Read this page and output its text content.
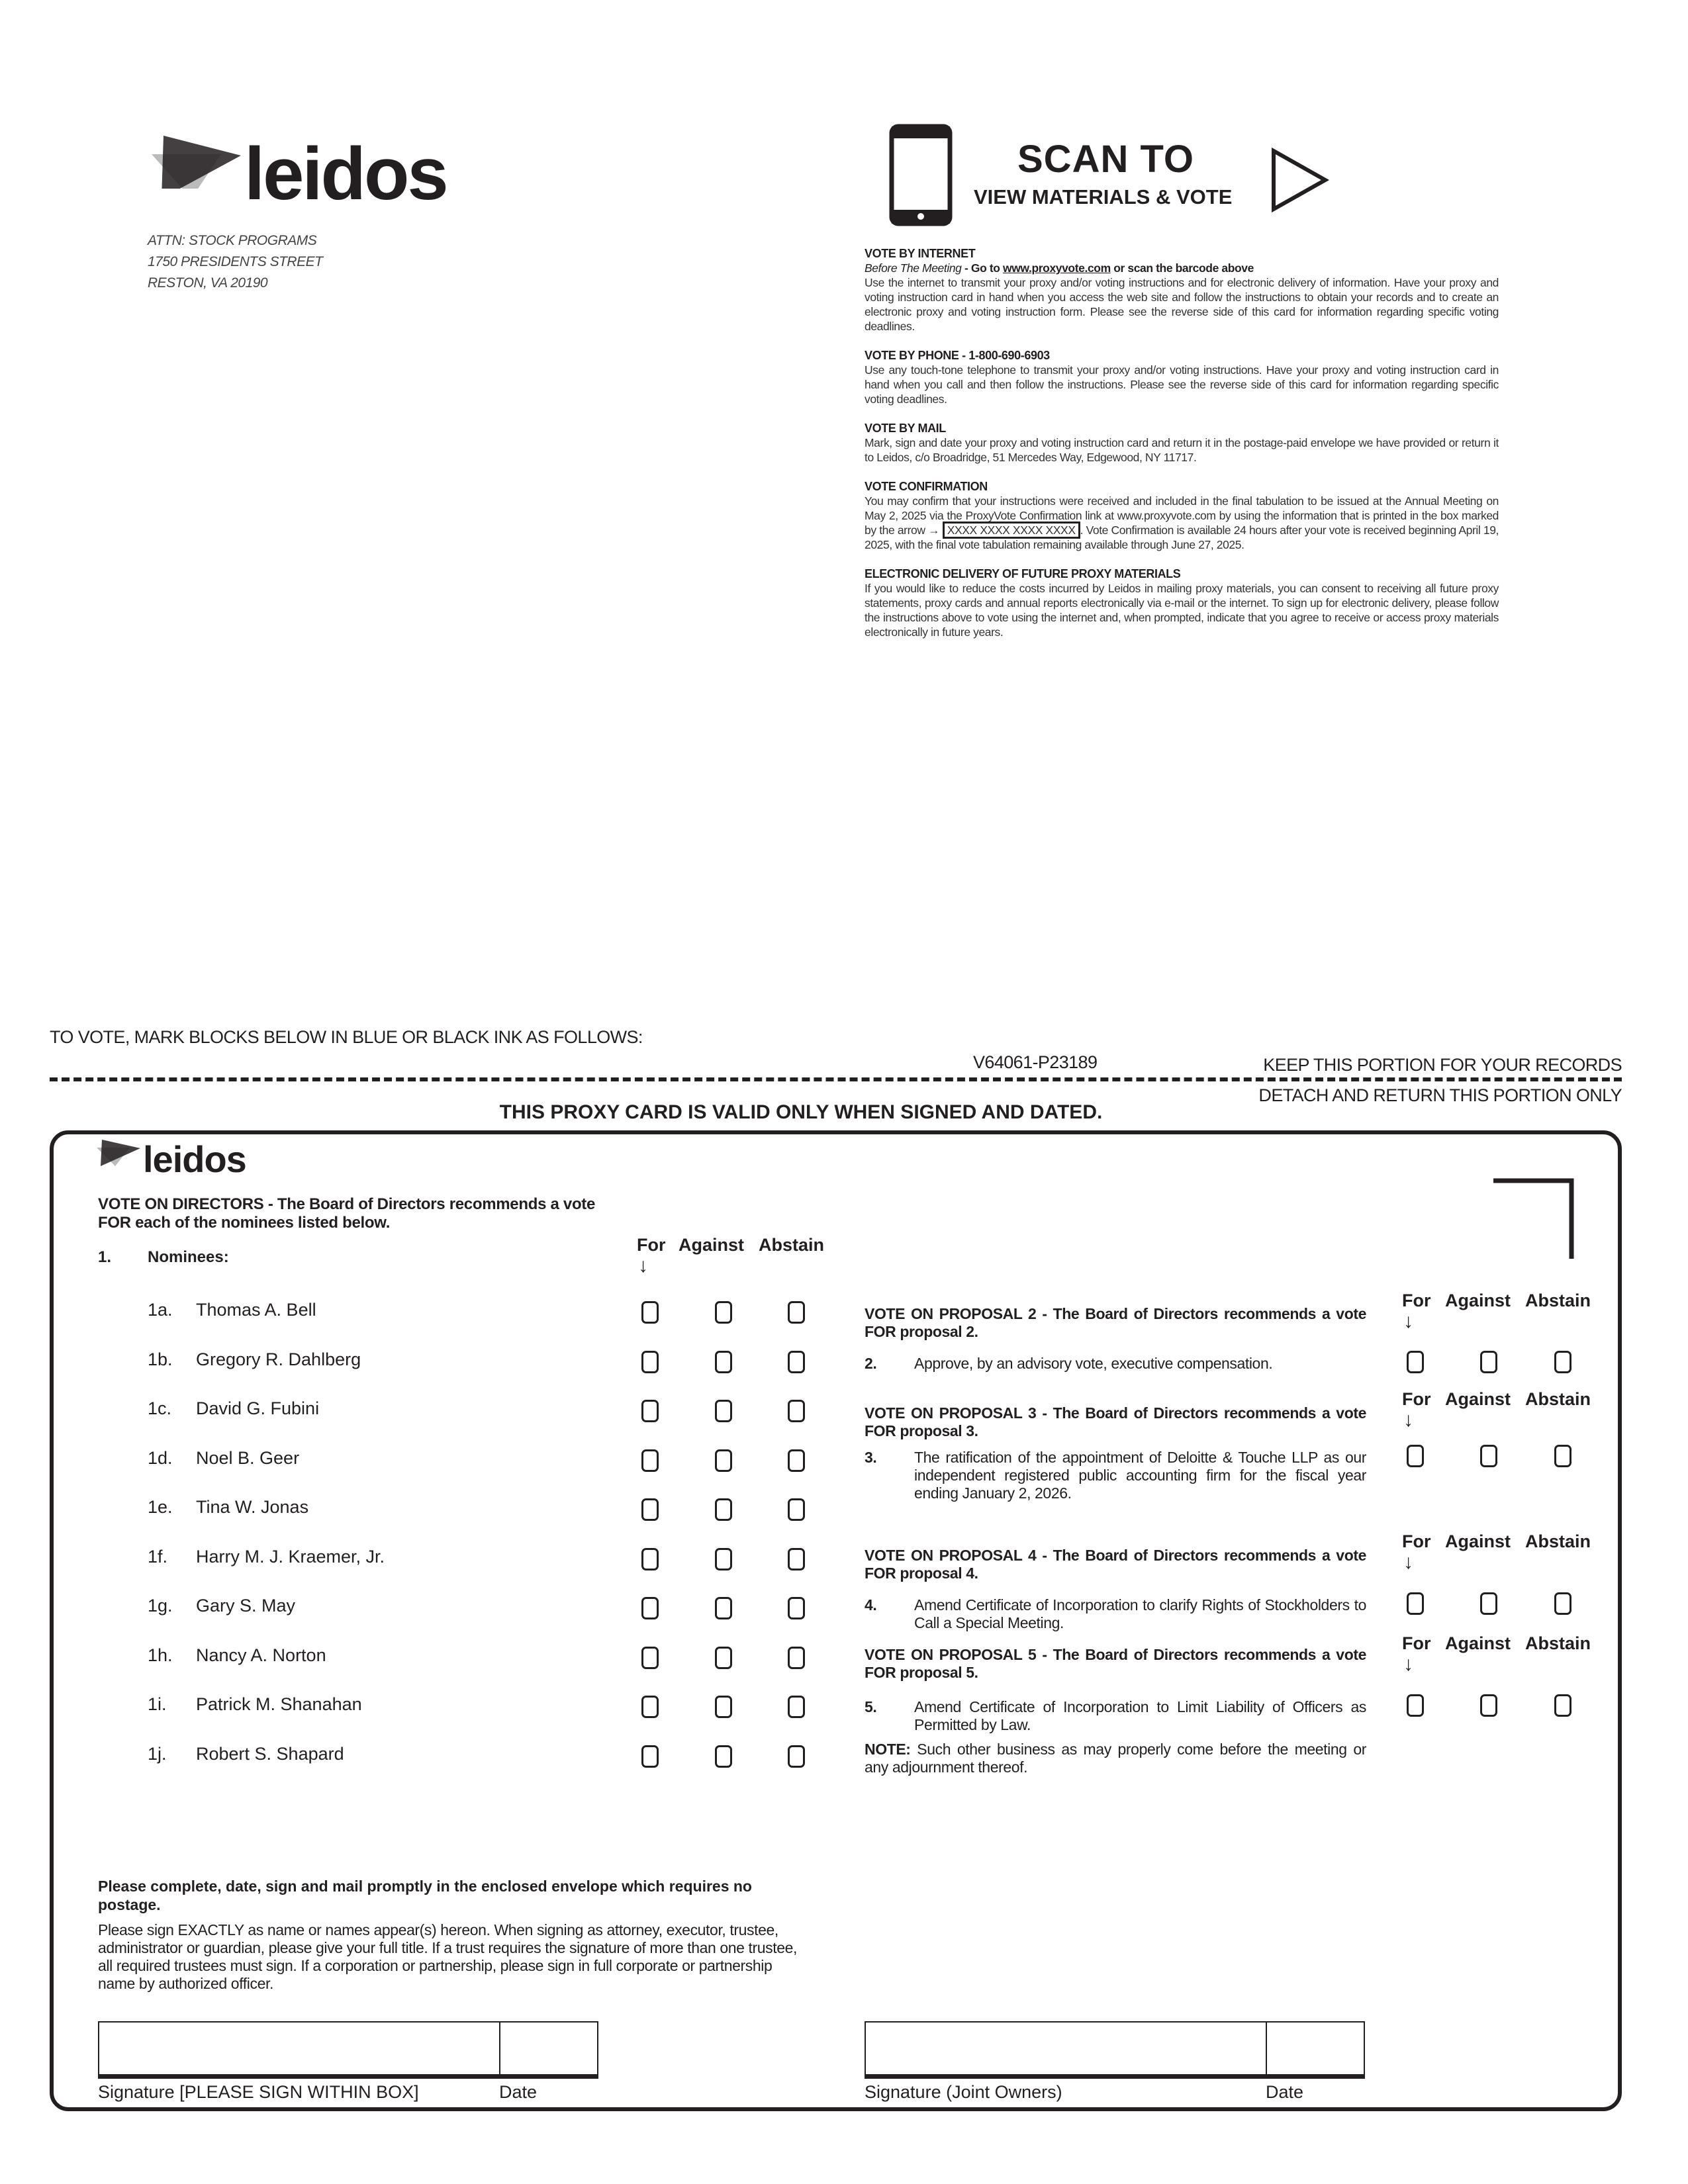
leidos
ATTN: STOCK PROGRAMS
1750 PRESIDENTS STREET
RESTON, VA 20190
SCAN TO
VIEW MATERIALS & VOTE
VOTE BY INTERNET
Before The Meeting - Go to www.proxyvote.com or scan the barcode above

Use the internet to transmit your proxy and/or voting instructions and for electronic delivery of information. Have your proxy and voting instruction card in hand when you access the web site and follow the instructions to obtain your records and to create an electronic proxy and voting instruction form. Please see the reverse side of this card for information regarding specific voting deadlines.

VOTE BY PHONE - 1-800-690-6903

Use any touch-tone telephone to transmit your proxy and/or voting instructions. Have your proxy and voting instruction card in hand when you call and then follow the instructions. Please see the reverse side of this card for information regarding specific voting deadlines.

VOTE BY MAIL

Mark, sign and date your proxy and voting instruction card and return it in the postage-paid envelope we have provided or return it to Leidos, c/o Broadridge, 51 Mercedes Way, Edgewood, NY 11717.

VOTE CONFIRMATION

You may confirm that your instructions were received and included in the final tabulation to be issued at the Annual Meeting on May 2, 2025 via the ProxyVote Confirmation link at www.proxyvote.com by using the information that is printed in the box marked by the arrow → XXXX XXXX XXXX XXXX . Vote Confirmation is available 24 hours after your vote is received beginning April 19, 2025, with the final vote tabulation remaining available through June 27, 2025.

ELECTRONIC DELIVERY OF FUTURE PROXY MATERIALS

If you would like to reduce the costs incurred by Leidos in mailing proxy materials, you can consent to receiving all future proxy statements, proxy cards and annual reports electronically via e-mail or the internet. To sign up for electronic delivery, please follow the instructions above to vote using the internet and, when prompted, indicate that you agree to receive or access proxy materials electronically in future years.

TO VOTE, MARK BLOCKS BELOW IN BLUE OR BLACK INK AS FOLLOWS:
V64061-P23189	KEEP THIS PORTION FOR YOUR RECORDS
DETACH AND RETURN THIS PORTION ONLY
THIS PROXY CARD IS VALID ONLY WHEN SIGNED AND DATED.
leidos
VOTE ON DIRECTORS - The Board of Directors recommends a vote
FOR each of the nominees listed below.
1. Nominees:
For Against Abstain
↓
1a. Thomas A. Bell
1b. Gregory R. Dahlberg
1c. David G. Fubini
1d. Noel B. Geer
1e. Tina W. Jonas
1f. Harry M. J. Kraemer, Jr.
1g. Gary S. May
1h. Nancy A. Norton
1i. Patrick M. Shanahan
1j. Robert S. Shapard
VOTE ON PROPOSAL 2 - The Board of Directors recommends a vote FOR proposal 2.
2. Approve, by an advisory vote, executive compensation.
For Against Abstain
↓
VOTE ON PROPOSAL 3 - The Board of Directors recommends a vote FOR proposal 3.
3. The ratification of the appointment of Deloitte & Touche LLP as our independent registered public accounting firm for the fiscal year ending January 2, 2026.
For Against Abstain
↓
VOTE ON PROPOSAL 4 - The Board of Directors recommends a vote FOR proposal 4.
4. Amend Certificate of Incorporation to clarify Rights of Stockholders to Call a Special Meeting.
For Against Abstain
↓
VOTE ON PROPOSAL 5 - The Board of Directors recommends a vote FOR proposal 5.
5. Amend Certificate of Incorporation to Limit Liability of Officers as Permitted by Law.
For Against Abstain
↓
NOTE: Such other business as may properly come before the meeting or any adjournment thereof.
Please complete, date, sign and mail promptly in the enclosed envelope which requires no postage.
Please sign EXACTLY as name or names appear(s) hereon. When signing as attorney, executor, trustee, administrator or guardian, please give your full title. If a trust requires the signature of more than one trustee, all required trustees must sign. If a corporation or partnership, please sign in full corporate or partnership name by authorized officer.
Signature [PLEASE SIGN WITHIN BOX]	Date	Signature (Joint Owners)	Date
